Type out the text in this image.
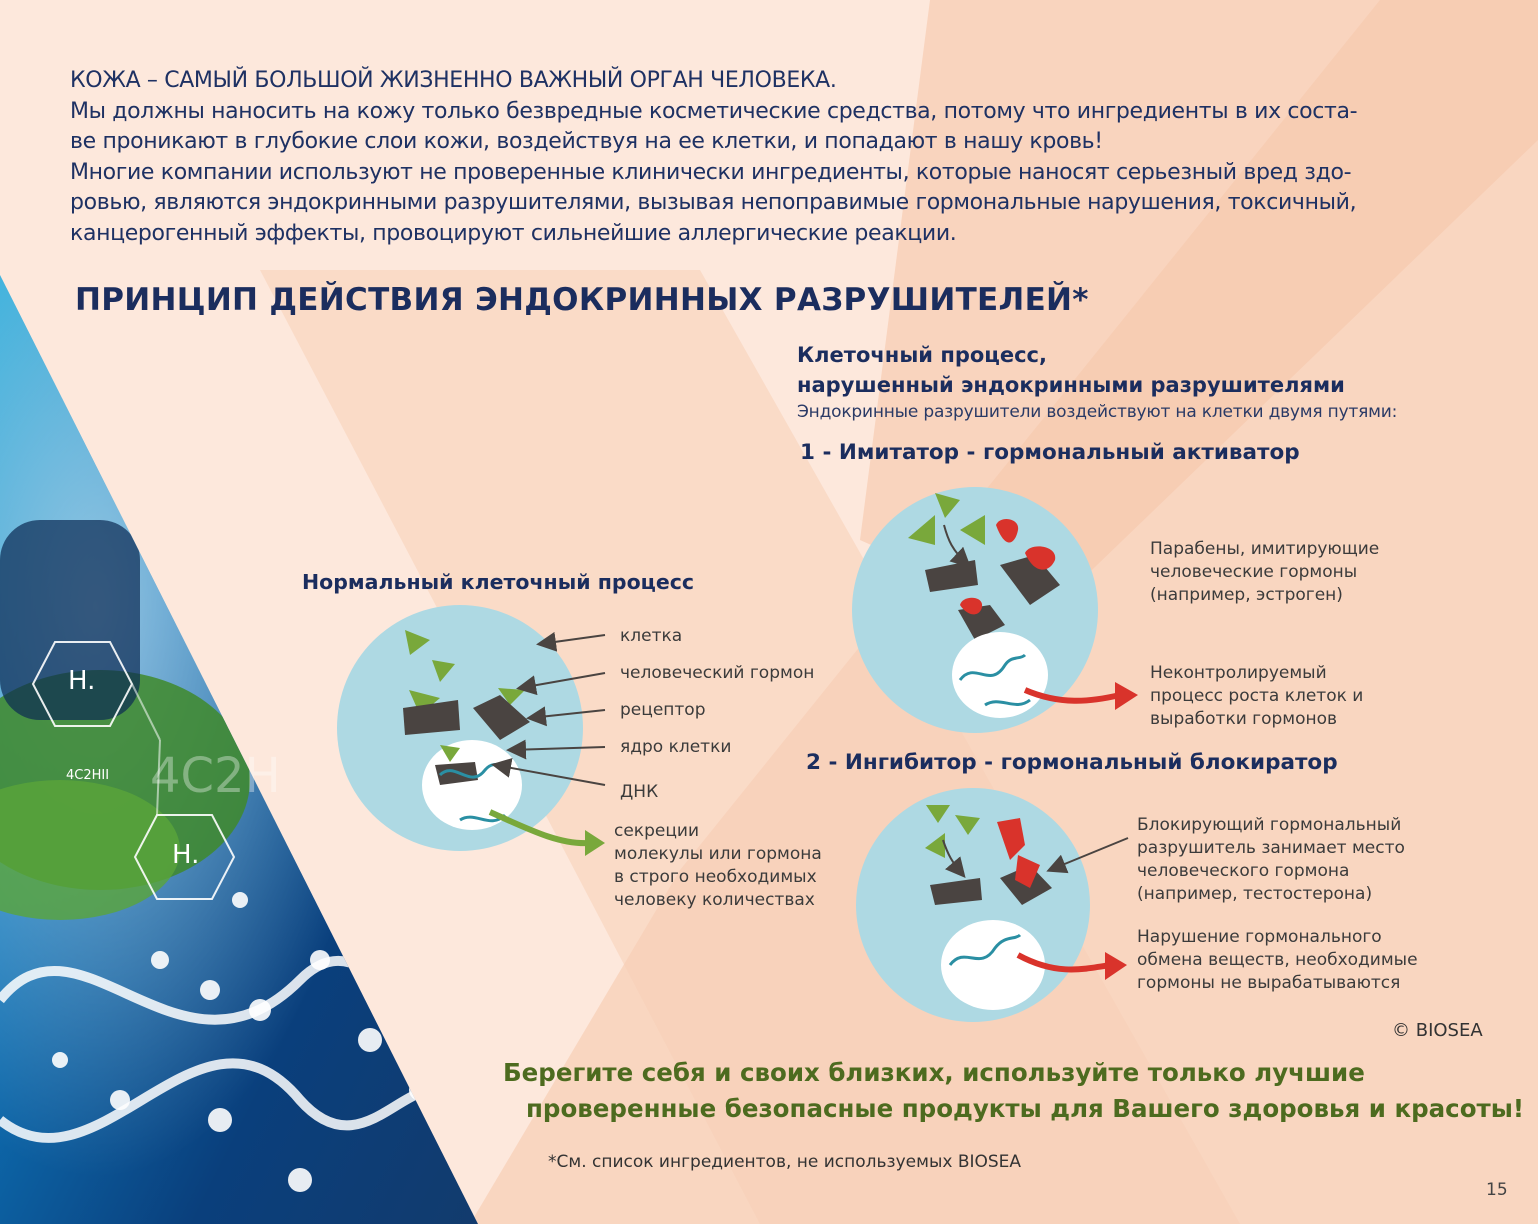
H.
H.
4C2HII 4C2H

КОЖА – САМЫЙ БОЛЬШОЙ ЖИЗНЕННО ВАЖНЫЙ ОРГАН ЧЕЛОВЕКА.

Мы должны наносить на кожу только безвредные косметические средства, потому что ингредиенты в их соста-

ве проникают в глубокие слои кожи, воздействуя на ее клетки, и попадают в нашу кровь!

Многие компании используют не проверенные клинически ингредиенты, которые наносят серьезный вред здо-

ровью, являются эндокринными разрушителями, вызывая непоправимые гормональные нарушения, токсичный,

канцерогенный эффекты, провоцируют сильнейшие аллергические реакции.

ПРИНЦИП ДЕЙСТВИЯ ЭНДОКРИННЫХ РАЗРУШИТЕЛЕЙ*
Клеточный процесс,
нарушенный эндокринными разрушителями
Эндокринные разрушители воздействуют на клетки двумя путями:
1 - Имитатор - гормональный активатор
2 - Ингибитор - гормональный блокиратор
Нормальный клеточный процесс
клетка
человеческий гормон
рецептор
ядро клетки
ДНК
секреции
молекулы или гормона
в строго необходимых
человеку количествах
Парабены, имитирующие
человеческие гормоны
(например, эстроген)
Неконтролируемый
процесс роста клеток и
выработки гормонов
Блокирующий гормональный
разрушитель занимает место
человеческого гормона
(например, тестостерона)
Нарушение гормонального
обмена веществ, необходимые
гормоны не вырабатываются
© BIOSEA
Берегите себя и своих близких, используйте только лучшие
проверенные безопасные продукты для Вашего здоровья и красоты!
*См. список ингредиентов, не используемых BIOSEA
15
